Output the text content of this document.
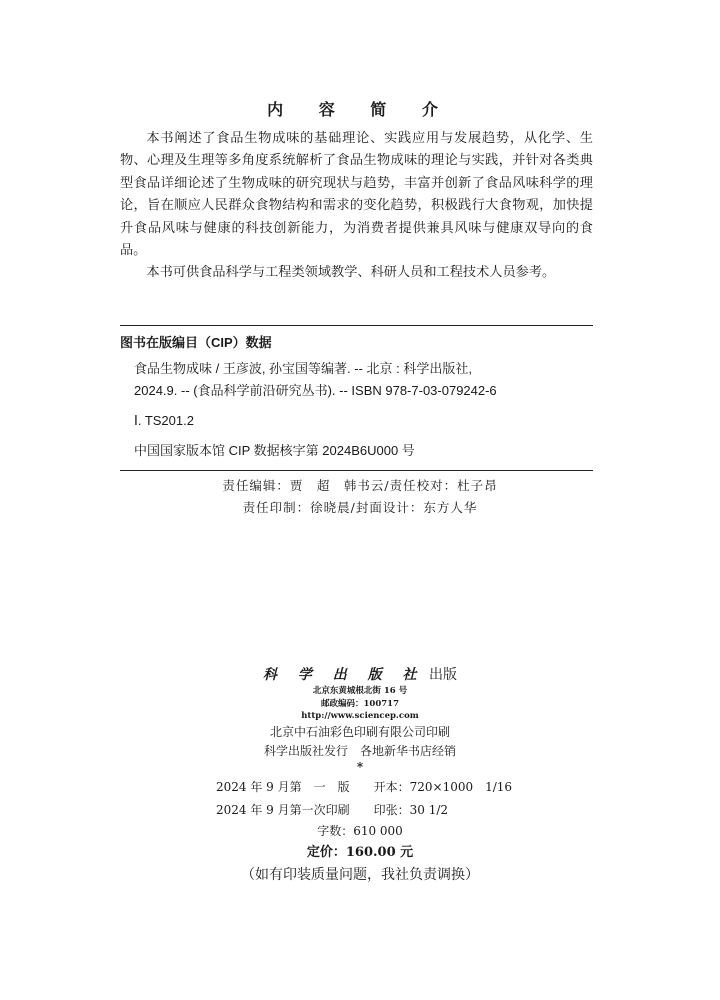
内 容 简 介

本书阐述了食品生物成味的基础理论、实践应用与发展趋势，从化学、生物、心理及生理等多角度系统解析了食品生物成味的理论与实践，并针对各类典型食品详细论述了生物成味的研究现状与趋势，丰富并创新了食品风味科学的理论，旨在顺应人民群众食物结构和需求的变化趋势，积极践行大食物观，加快提升食品风味与健康的科技创新能力，为消费者提供兼具风味与健康双导向的食品。

本书可供食品科学与工程类领域教学、科研人员和工程技术人员参考。

图书在版编目（CIP）数据
食品生物成味 / 王彦波, 孙宝国等编著. -- 北京 : 科学出版社,
2024.9. -- (食品科学前沿研究丛书). -- ISBN 978-7-03-079242-6
Ⅰ. TS201.2
中国国家版本馆 CIP 数据核字第 2024B6U000 号
责任编辑：贾　超　韩书云/责任校对：杜子昂
责任印制：徐晓晨/封面设计：东方人华
科 学 出 版 社 出版
北京东黄城根北街 16 号
邮政编码：100717
http://www.sciencep.com
北京中石油彩色印刷有限公司印刷
科学出版社发行　各地新华书店经销
*
2024 年 9 月第　一　版　　开本：720×1000　1/16
2024 年 9 月第一次印刷　　印张：30 1/2
字数：610 000
定价：160.00 元
（如有印装质量问题，我社负责调换）
